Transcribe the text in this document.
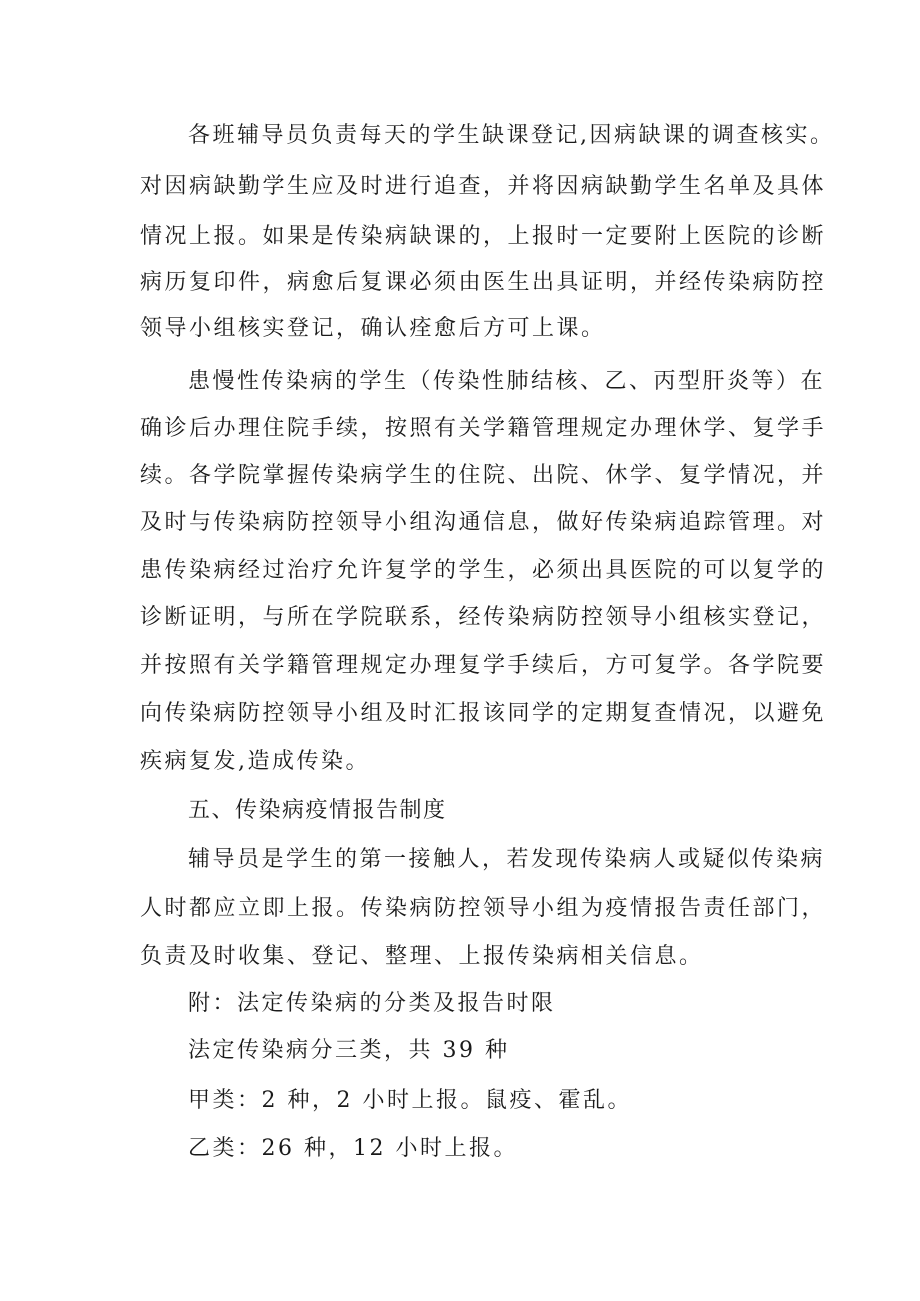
各班辅导员负责每天的学生缺课登记,因病缺课的调查核实。
对因病缺勤学生应及时进行追查，并将因病缺勤学生名单及具体
情况上报。如果是传染病缺课的，上报时一定要附上医院的诊断
病历复印件，病愈后复课必须由医生出具证明，并经传染病防控
领导小组核实登记，确认痊愈后方可上课。
患慢性传染病的学生（传染性肺结核、乙、丙型肝炎等）在
确诊后办理住院手续，按照有关学籍管理规定办理休学、复学手
续。各学院掌握传染病学生的住院、出院、休学、复学情况，并
及时与传染病防控领导小组沟通信息，做好传染病追踪管理。对
患传染病经过治疗允许复学的学生，必须出具医院的可以复学的
诊断证明，与所在学院联系，经传染病防控领导小组核实登记，
并按照有关学籍管理规定办理复学手续后，方可复学。各学院要
向传染病防控领导小组及时汇报该同学的定期复查情况，以避免
疾病复发,造成传染。
五、传染病疫情报告制度
辅导员是学生的第一接触人，若发现传染病人或疑似传染病
人时都应立即上报。传染病防控领导小组为疫情报告责任部门，
负责及时收集、登记、整理、上报传染病相关信息。
附：法定传染病的分类及报告时限
法定传染病分三类，共 39 种
甲类：2 种，2 小时上报。鼠疫、霍乱。
乙类：26 种，12 小时上报。
